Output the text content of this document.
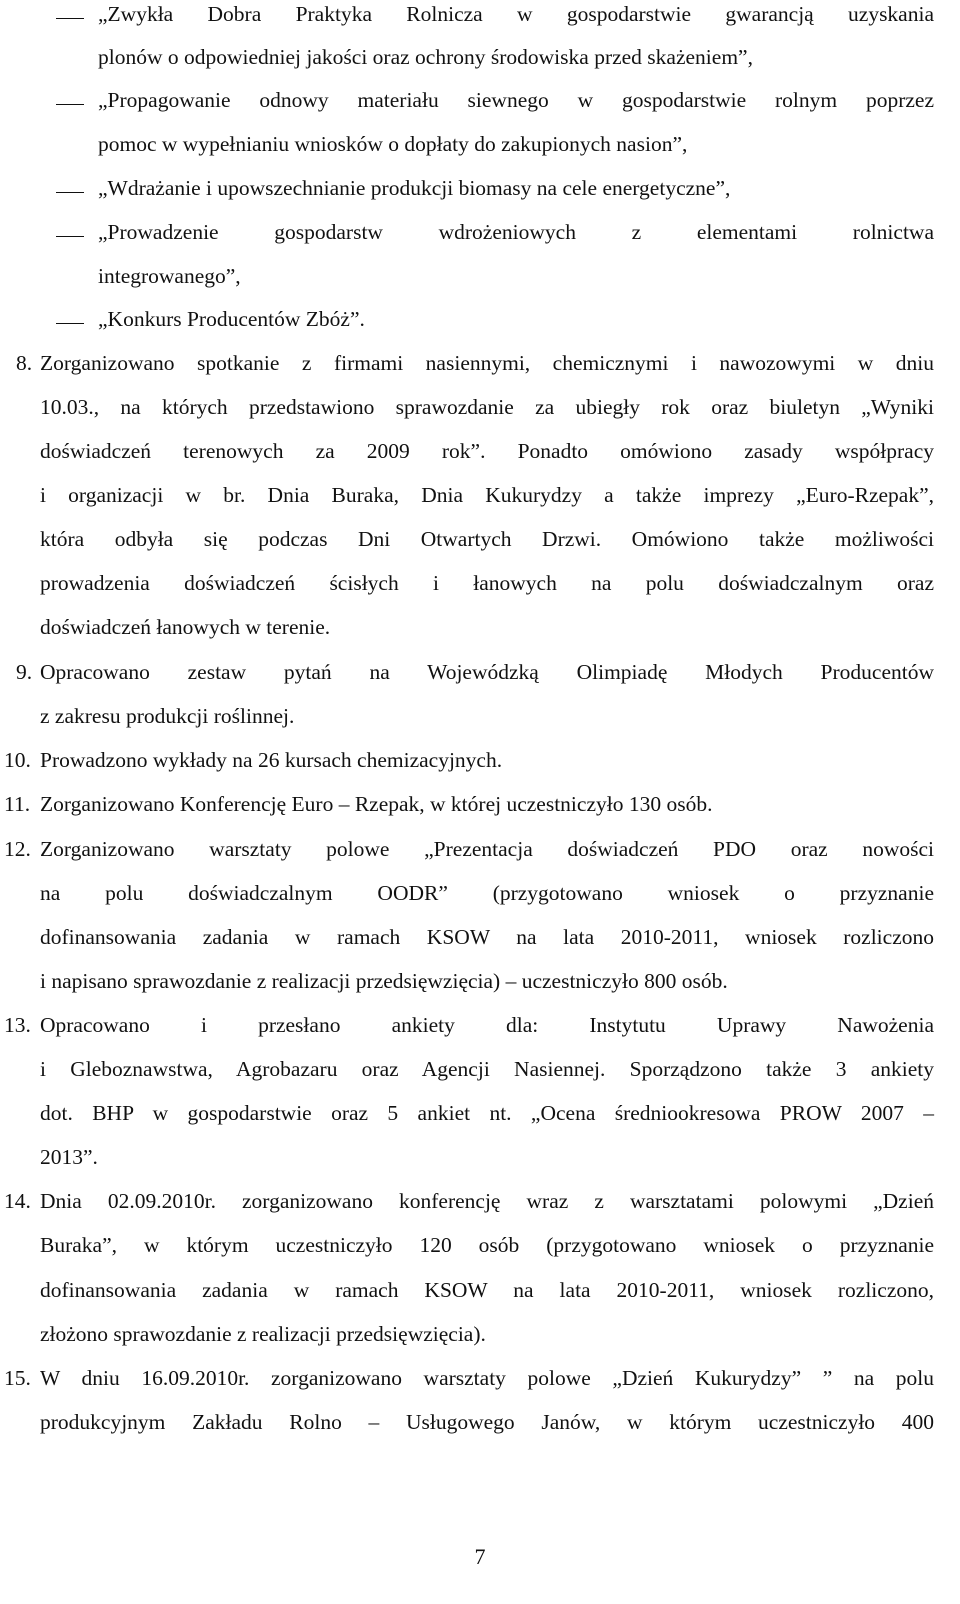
„Zwykła Dobra Praktyka Rolnicza w gospodarstwie gwarancją uzyskania
plonów o odpowiedniej jakości oraz ochrony środowiska przed skażeniem”,
„Propagowanie odnowy materiału siewnego w gospodarstwie rolnym poprzez
pomoc w wypełnianiu wniosków o dopłaty do zakupionych nasion”,
„Wdrażanie i upowszechnianie produkcji biomasy na cele energetyczne”,
„Prowadzenie gospodarstw wdrożeniowych z elementami rolnictwa
integrowanego”,
„Konkurs Producentów Zbóż”.
8. Zorganizowano spotkanie z firmami nasiennymi, chemicznymi i nawozowymi w dniu
10.03., na których przedstawiono sprawozdanie za ubiegły rok oraz biuletyn „Wyniki
doświadczeń terenowych za 2009 rok”. Ponadto omówiono zasady współpracy
i organizacji w br. Dnia Buraka, Dnia Kukurydzy a także imprezy „Euro-Rzepak”,
która odbyła się podczas Dni Otwartych Drzwi. Omówiono także możliwości
prowadzenia doświadczeń ścisłych i łanowych na polu doświadczalnym oraz
doświadczeń łanowych w terenie.
9. Opracowano zestaw pytań na Wojewódzką Olimpiadę Młodych Producentów
z zakresu produkcji roślinnej.
10. Prowadzono wykłady na 26 kursach chemizacyjnych.
11. Zorganizowano Konferencję Euro – Rzepak, w której uczestniczyło 130 osób.
12. Zorganizowano warsztaty polowe „Prezentacja doświadczeń PDO oraz nowości
na polu doświadczalnym OODR” (przygotowano wniosek o przyznanie
dofinansowania zadania w ramach KSOW na lata 2010-2011, wniosek rozliczono
i napisano sprawozdanie z realizacji przedsięwzięcia) – uczestniczyło 800 osób.
13. Opracowano i przesłano ankiety dla: Instytutu Uprawy Nawożenia
i Gleboznawstwa, Agrobazaru oraz Agencji Nasiennej. Sporządzono także 3 ankiety
dot. BHP w gospodarstwie oraz 5 ankiet nt. „Ocena średniookresowa PROW 2007 –
2013”.
14. Dnia 02.09.2010r. zorganizowano konferencję wraz z warsztatami polowymi „Dzień
Buraka”, w którym uczestniczyło 120 osób (przygotowano wniosek o przyznanie
dofinansowania zadania w ramach KSOW na lata 2010-2011, wniosek rozliczono,
złożono sprawozdanie z realizacji przedsięwzięcia).
15. W dniu 16.09.2010r. zorganizowano warsztaty polowe „Dzień Kukurydzy” ” na polu
produkcyjnym Zakładu Rolno – Usługowego Janów, w którym uczestniczyło 400
7
